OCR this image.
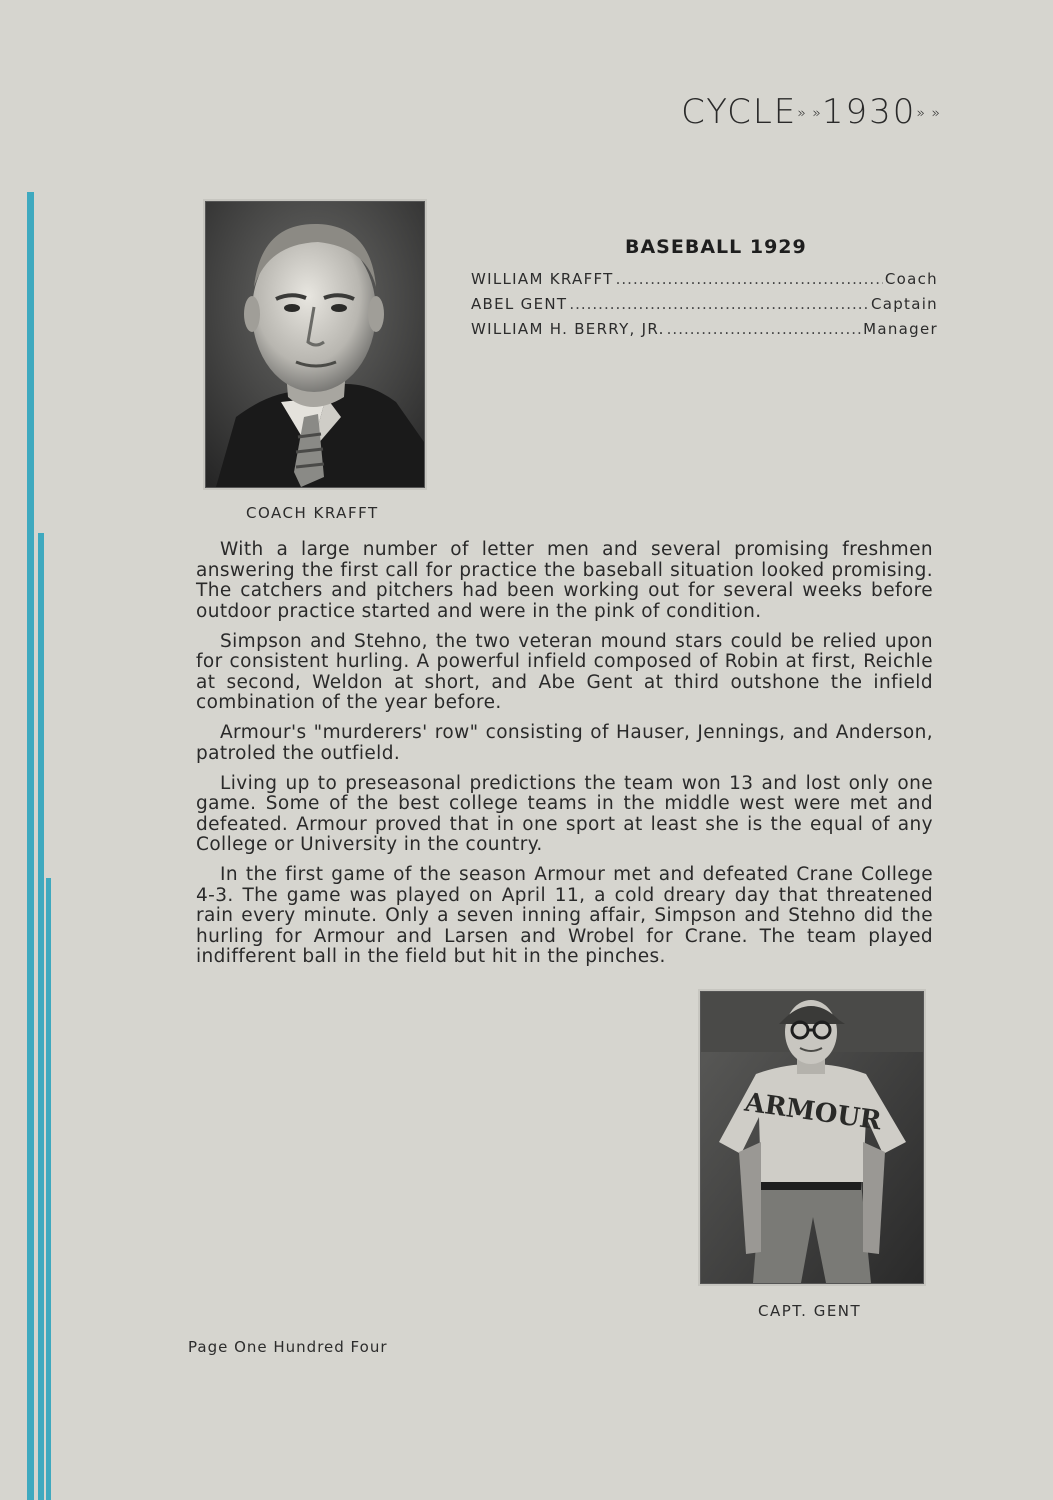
CYCLE» »1930» »
COACH KRAFFT
BASEBALL 1929
WILLIAM KRAFFT .....	Coach
ABEL GENT .....	Captain
WILLIAM H. BERRY, JR. .....	Manager

With a large number of letter men and several promising freshmen answering the first call for practice the baseball situation looked promising. The catchers and pitchers had been working out for several weeks before outdoor practice started and were in the pink of condition.

Simpson and Stehno, the two veteran mound stars could be relied upon for consistent hurling. A powerful infield composed of Robin at first, Reichle at second, Weldon at short, and Abe Gent at third outshone the infield combination of the year before.

Armour's "murderers' row" consisting of Hauser, Jennings, and Anderson, patroled the outfield.

Living up to preseasonal predictions the team won 13 and lost only one game. Some of the best college teams in the middle west were met and defeated. Armour proved that in one sport at least she is the equal of any College or University in the country.

In the first game of the season Armour met and defeated Crane College 4-3. The game was played on April 11, a cold dreary day that threatened rain every minute. Only a seven inning affair, Simpson and Stehno did the hurling for Armour and Larsen and Wrobel for Crane. The team played indifferent ball in the field but hit in the pinches.

ARMOUR
CAPT. GENT
Page One Hundred Four
